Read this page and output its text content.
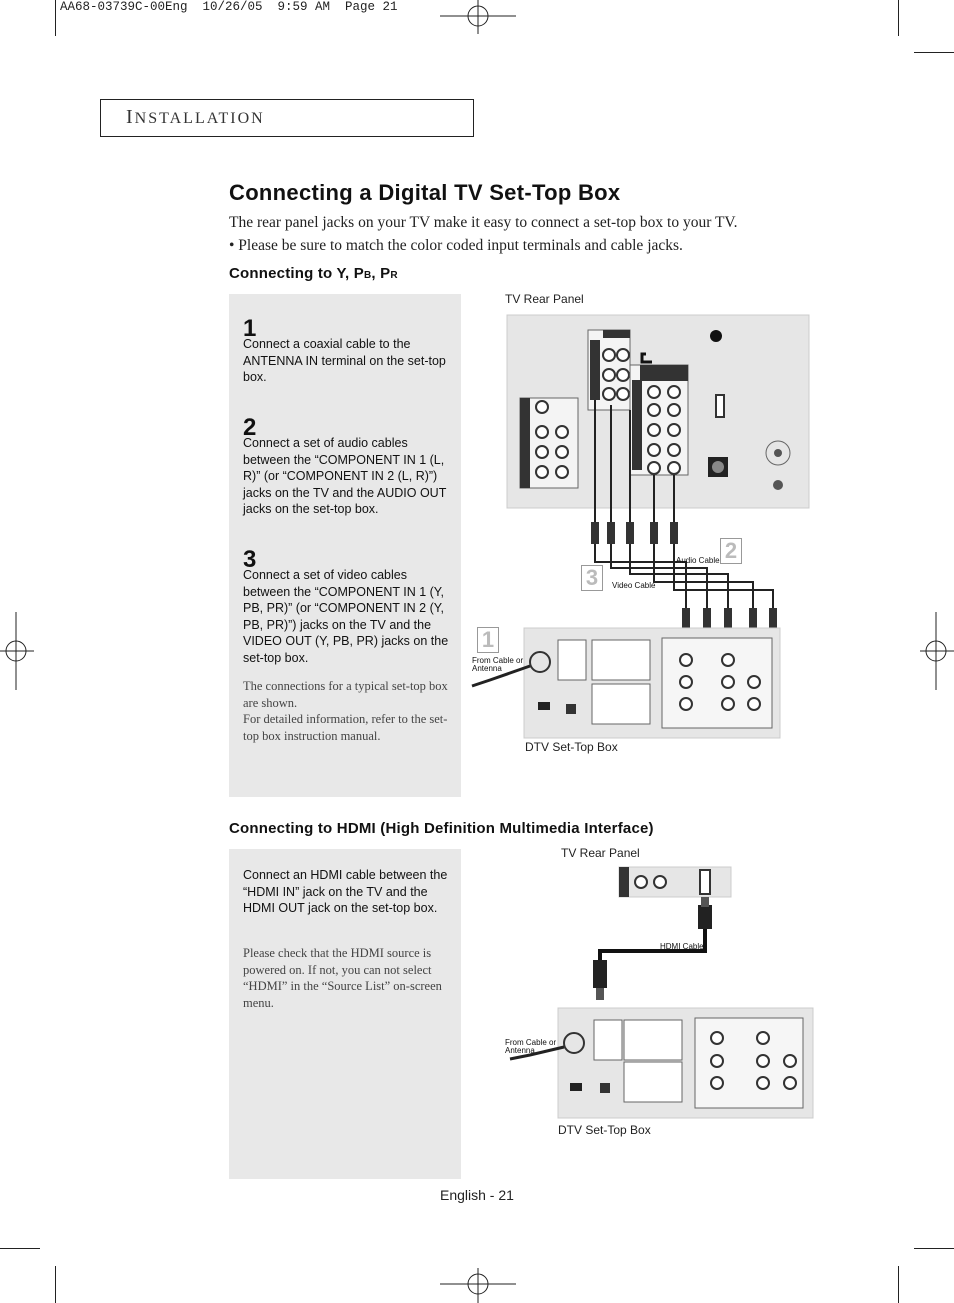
AA68-03739C-00Eng  10/26/05  9:59 AM  Page 21
INSTALLATION
Connecting a Digital TV Set-Top Box
The rear panel jacks on your TV make it easy to connect a set-top box to your TV.
• Please be sure to match the color coded input terminals and cable jacks.
Connecting to Y, PB, PR
1
Connect a coaxial cable to the ANTENNA IN terminal on the set-top box.
2
Connect a set of audio cables between the “COMPONENT IN 1 (L, R)” (or “COMPONENT IN 2 (L, R)”) jacks on the TV and the AUDIO OUT jacks on the set-top box.
3
Connect a set of video cables between the “COMPONENT IN 1 (Y, PB, PR)” (or “COMPONENT IN 2 (Y, PB, PR)”) jacks on the TV and the VIDEO OUT (Y, PB, PR) jacks on the set-top box.
The connections for a typical set-top box are shown.
For detailed information, refer to the set-top box instruction manual.
TV Rear Panel
DTV Set-Top Box
Audio Cable
Video Cable
From Cable or
Antenna
2
3
1
Connecting to HDMI (High Definition Multimedia Interface)
Connect an HDMI cable between the “HDMI IN” jack on the TV and the HDMI OUT jack on the set-top box.
Please check that the HDMI source is powered on. If not, you can not select “HDMI” in the “Source List” on-screen menu.
TV Rear Panel
DTV Set-Top Box
HDMI Cable
From Cable or
Antenna
English - 21
